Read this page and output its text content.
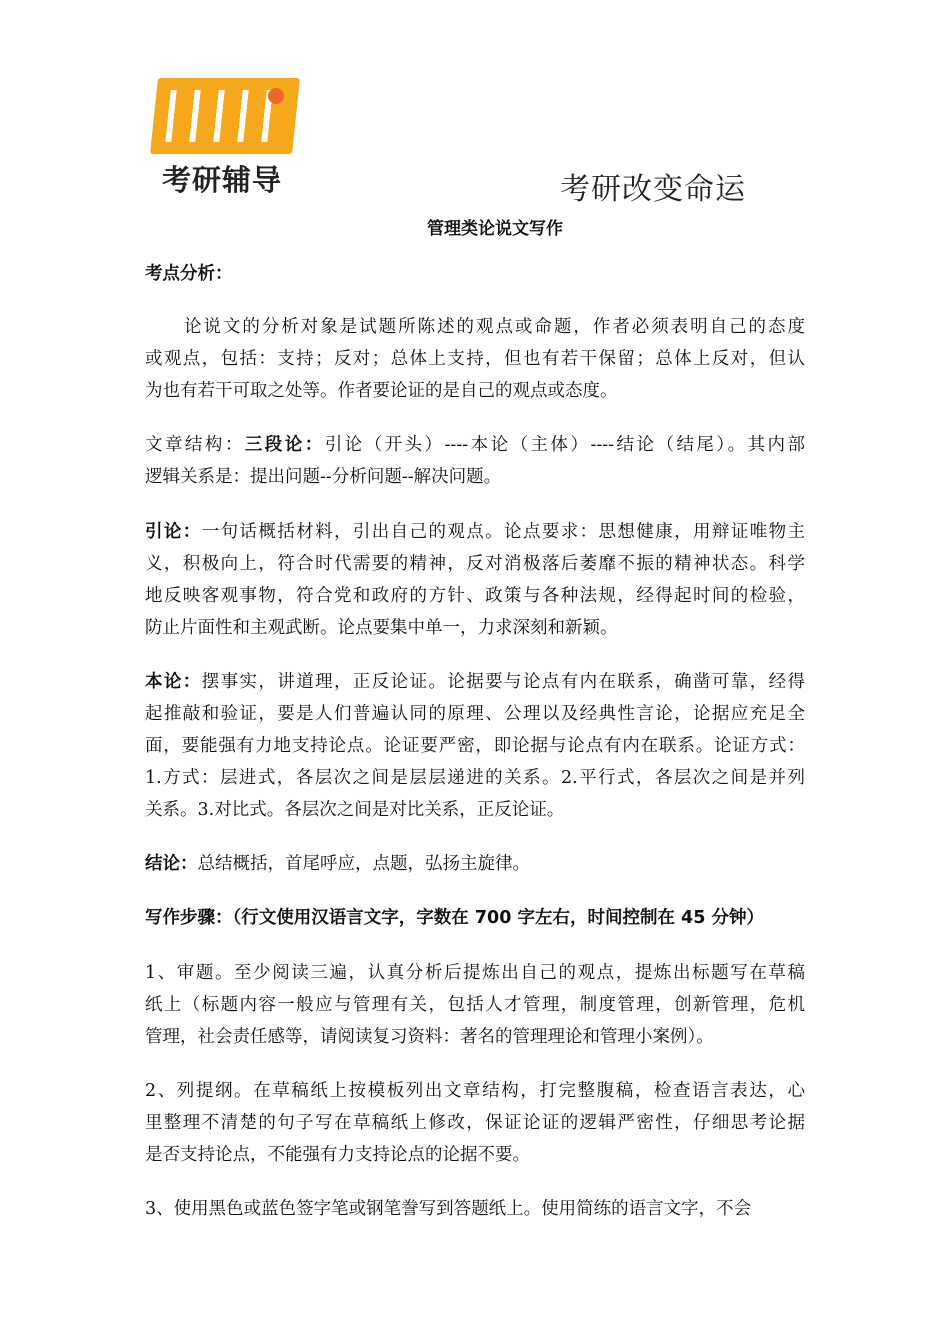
考研辅导	考研改变命运
管理类论说文写作
考点分析：
　　论说文的分析对象是试题所陈述的观点或命题，作者必须表明自己的态度
或观点，包括：支持；反对；总体上支持，但也有若干保留；总体上反对，但认
为也有若干可取之处等。作者要论证的是自己的观点或态度。
文章结构：三段论：引论（开头）----本论（主体）----结论（结尾）。其内部
逻辑关系是：提出问题--分析问题--解决问题。
引论：一句话概括材料，引出自己的观点。论点要求：思想健康，用辩证唯物主
义，积极向上，符合时代需要的精神，反对消极落后萎靡不振的精神状态。科学
地反映客观事物，符合党和政府的方针、政策与各种法规，经得起时间的检验，
防止片面性和主观武断。论点要集中单一，力求深刻和新颖。
本论：摆事实，讲道理，正反论证。论据要与论点有内在联系，确凿可靠，经得
起推敲和验证，要是人们普遍认同的原理、公理以及经典性言论，论据应充足全
面，要能强有力地支持论点。论证要严密，即论据与论点有内在联系。论证方式：
1.方式：层进式，各层次之间是层层递进的关系。2.平行式，各层次之间是并列
关系。3.对比式。各层次之间是对比关系，正反论证。
结论：总结概括，首尾呼应，点题，弘扬主旋律。
写作步骤：（行文使用汉语言文字，字数在 700 字左右，时间控制在 45 分钟）
1、审题。至少阅读三遍，认真分析后提炼出自己的观点，提炼出标题写在草稿
纸上（标题内容一般应与管理有关，包括人才管理，制度管理，创新管理，危机
管理，社会责任感等，请阅读复习资料：著名的管理理论和管理小案例）。
2、列提纲。在草稿纸上按模板列出文章结构，打完整腹稿，检查语言表达，心
里整理不清楚的句子写在草稿纸上修改，保证论证的逻辑严密性，仔细思考论据
是否支持论点，不能强有力支持论点的论据不要。
3、使用黑色或蓝色签字笔或钢笔誊写到答题纸上。使用简练的语言文字，不会
